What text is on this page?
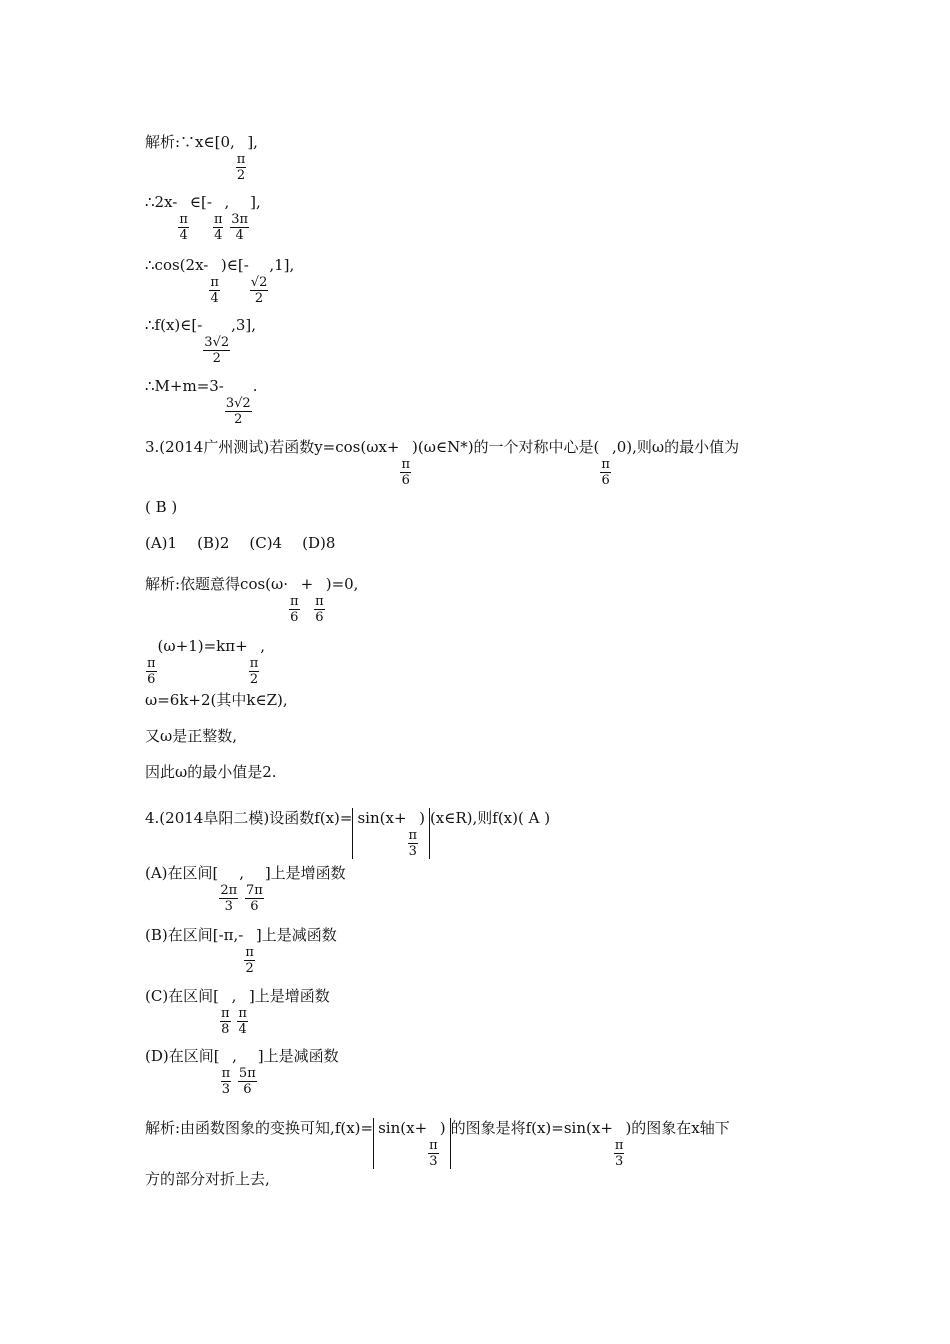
解析:∵x∈[0,
$\frac{\pi}{2}$
],
∴2x-
$\frac{\pi}{4}$
∈[-
$\frac{\pi}{4}$
,
$\frac{3\pi}{4}$
],
∴cos(2x-
$\frac{\pi}{4}$
)∈[-
$\frac{√2}{2}$
,1],
∴f(x)∈[-
$\frac{3√2}{2}$
,3],
∴M+m=3-
$\frac{3√2}{2}$
.
3.(2014广州测试)若函数y=cos(ωx+
$\frac{\pi}{6}$
)(ω∈N*)的一个对称中心是(
$\frac{\pi}{6}$
,0),则ω的最小值为
( B )
(A)1 (B)2 (C)4 (D)8
解析:依题意得cos(ω·
$\frac{\pi}{6}$
+
$\frac{\pi}{6}$
)=0,
$\frac{\pi}{6}$
(ω+1)=kπ+
$\frac{\pi}{2}$
,
ω=6k+2(其中k∈Z),
又ω是正整数,
因此ω的最小值是2.
4.(2014阜阳二模)设函数f(x)= sin(x+
$\frac{\pi}{3}$
) (x∈R),则f(x)( A )
(A)在区间[
$\frac{2\pi}{3}$
,
$\frac{7\pi}{6}$
]上是增函数
(B)在区间[-π,-
$\frac{\pi}{2}$
]上是减函数
(C)在区间[
$\frac{\pi}{8}$
,
$\frac{\pi}{4}$
]上是增函数
(D)在区间[
$\frac{\pi}{3}$
,
$\frac{5\pi}{6}$
]上是减函数
解析:由函数图象的变换可知,f(x)= sin(x+
$\frac{\pi}{3}$
) 的图象是将f(x)=sin(x+
$\frac{\pi}{3}$
)的图象在x轴下
方的部分对折上去,
